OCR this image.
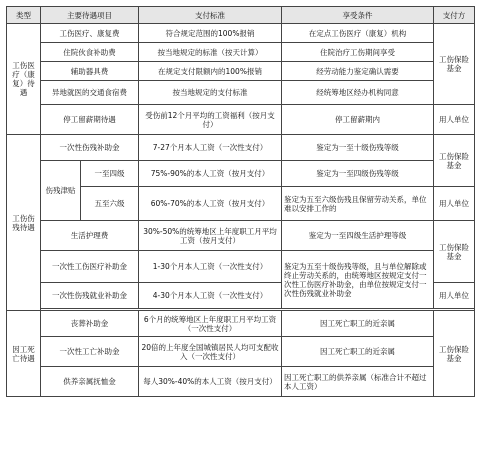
类型	主要待遇项目		支付标准	享受条件	支付方
工伤医疗（康复）待遇	工伤医疗、康复费		符合规定范围的100%报销	在定点工伤医疗（康复）机构	工伤保险基金
	住院伙食补助费		按当地规定的标准（按天计算）	住院治疗工伤期间享受	
	辅助器具费		在规定支付限额内的100%报销	经劳动能力鉴定确认需要	
	异地就医的交通食宿费		按当地规定的支付标准	经统筹地区经办机构同意	
	停工留薪期待遇		受伤前12个月平均的工资福利（按月支付）	停工留薪期内	用人单位
工伤伤残待遇	一次性伤残补助金		7-27个月本人工资（一次性支付）	鉴定为一至十级伤残等级	工伤保险基金
	伤残津贴	一至四级	75%-90%的本人工资（按月支付）	鉴定为一至四级伤残等级	
		五至六级	60%-70%的本人工资（按月支付）	鉴定为五至六级伤残且保留劳动关系，单位难以安排工作的	用人单位
	生活护理费		30%-50%的统筹地区上年度职工月平均工资（按月支付）	鉴定为一至四级生活护理等级	工伤保险基金
	一次性工伤医疗补助金		1-30个月本人工资（一次性支付）	鉴定为五至十级伤残等级，且与单位解除或终止劳动关系的，由统筹地区按规定支付一次性工伤医疗补助金，由单位按规定支付一次性伤残就业补助金	
	一次性伤残就业补助金		4-30个月本人工资（一次性支付）		用人单位

因工死亡待遇	丧葬补助金		6个月的统筹地区上年度职工月平均工资（一次性支付）	因工死亡职工的近亲属	工伤保险基金
	一次性工亡补助金		20倍的上年度全国城镇居民人均可支配收入（一次性支付）	因工死亡职工的近亲属	
	供养亲属抚恤金		每人30%-40%的本人工资（按月支付）	因工死亡职工的供养亲属（标准合计不超过本人工资）	
